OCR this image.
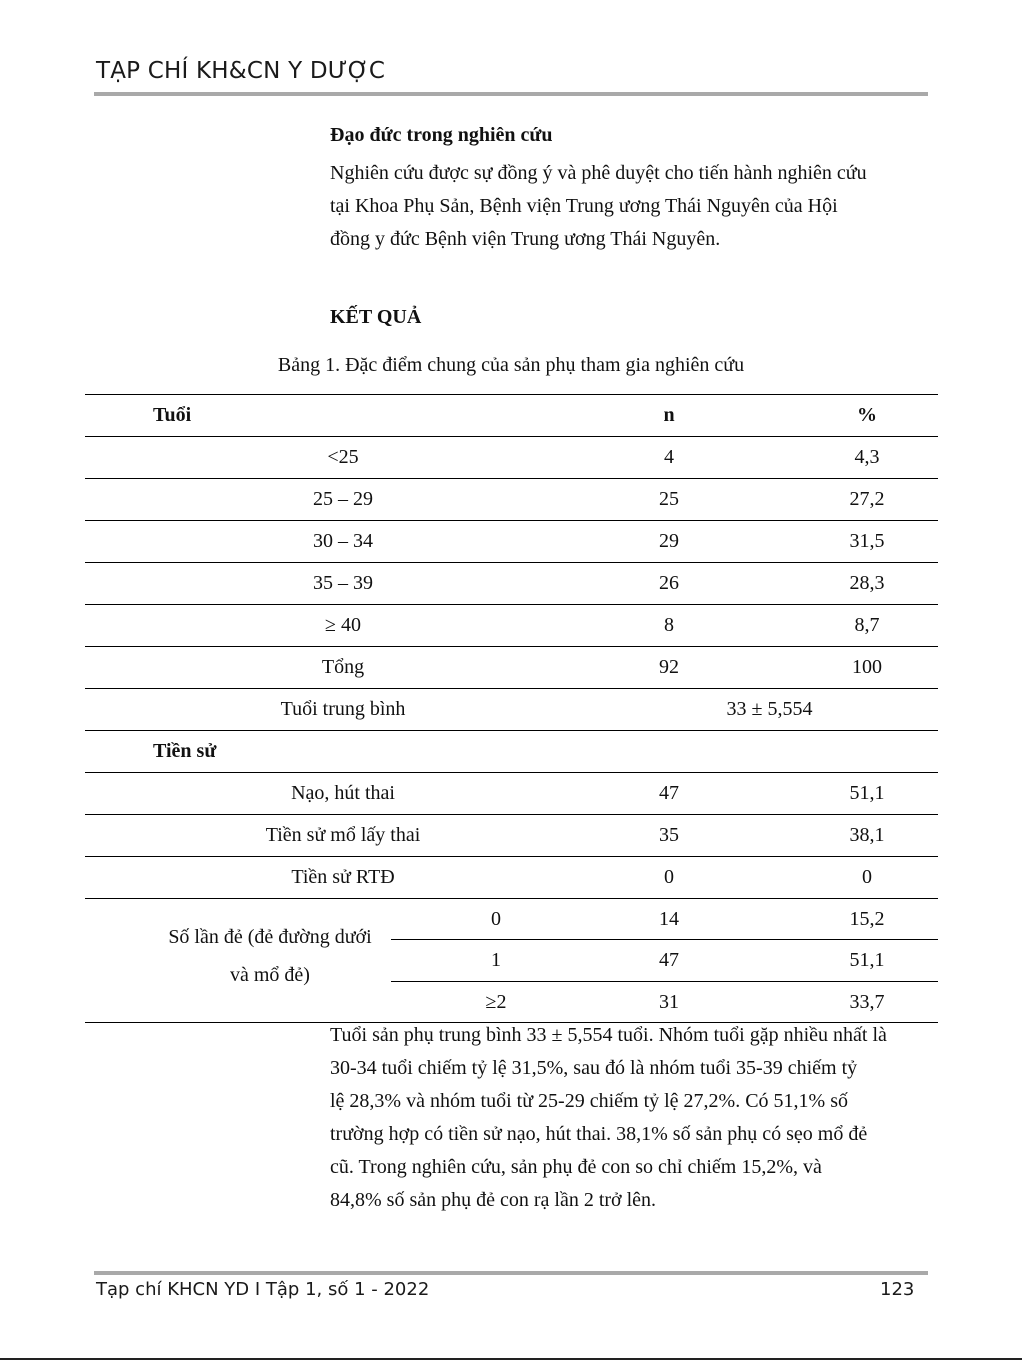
TẠP CHÍ KH&CN Y DƯỢC
Đạo đức trong nghiên cứu
Nghiên cứu được sự đồng ý và phê duyệt cho tiến hành nghiên cứu
tại Khoa Phụ Sản, Bệnh viện Trung ương Thái Nguyên của Hội
đồng y đức Bệnh viện Trung ương Thái Nguyên.
KẾT QUẢ
Bảng 1. Đặc điểm chung của sản phụ tham gia nghiên cứu
Tuổi	n	%
<25	4	4,3
25 – 29	25	27,2
30 – 34	29	31,5
35 – 39	26	28,3
≥ 40	8	8,7
Tổng	92	100
Tuổi trung bình	33 ± 5,554
Tiền sử
Nạo, hút thai	47	51,1
Tiền sử mổ lấy thai	35	38,1
Tiền sử RTĐ	0	0
Số lần đẻ (đẻ đường dưới
và mổ đẻ)
0	14	15,2
1	47	51,1
≥2	31	33,7
Tuổi sản phụ trung bình 33 ± 5,554 tuổi. Nhóm tuổi gặp nhiều nhất là
30-34 tuổi chiếm tỷ lệ 31,5%, sau đó là nhóm tuổi 35-39 chiếm tỷ
lệ 28,3% và nhóm tuổi từ 25-29 chiếm tỷ lệ 27,2%. Có 51,1% số
trường hợp có tiền sử nạo, hút thai. 38,1% số sản phụ có sẹo mổ đẻ
cũ. Trong nghiên cứu, sản phụ đẻ con so chỉ chiếm 15,2%, và
84,8% số sản phụ đẻ con rạ lần 2 trở lên.
Tạp chí KHCN YD I Tập 1, số 1 - 2022	123
